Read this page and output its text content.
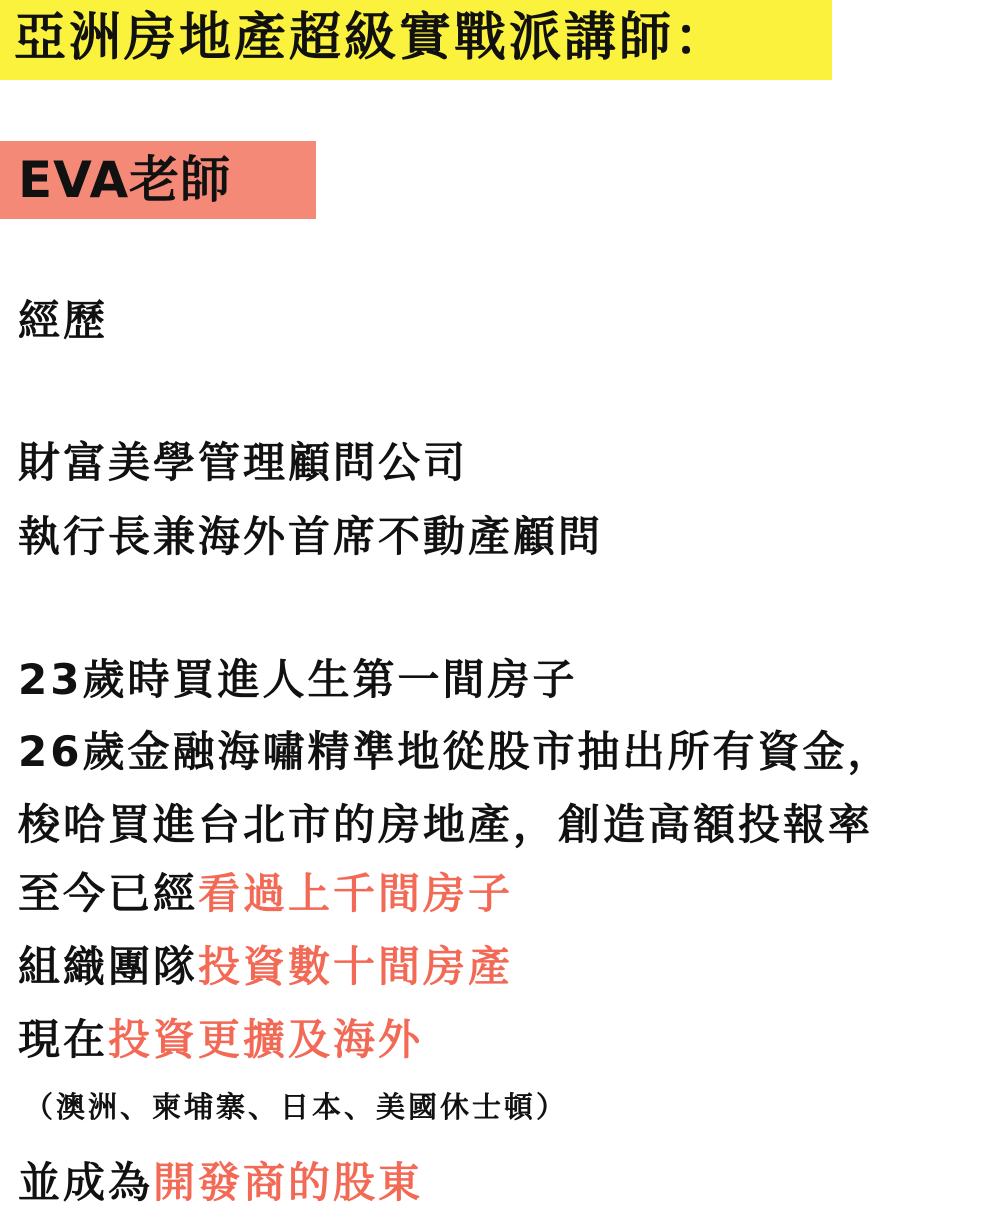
亞洲房地產超級實戰派講師：
EVA老師
經歷
財富美學管理顧問公司
執行長兼海外首席不動產顧問
23歲時買進人生第一間房子
26歲金融海嘯精準地從股市抽出所有資金，
梭哈買進台北市的房地產，創造高額投報率
至今已經看過上千間房子
組織團隊投資數十間房產
現在投資更擴及海外
（澳洲、柬埔寨、日本、美國休士頓）
並成為開發商的股東
